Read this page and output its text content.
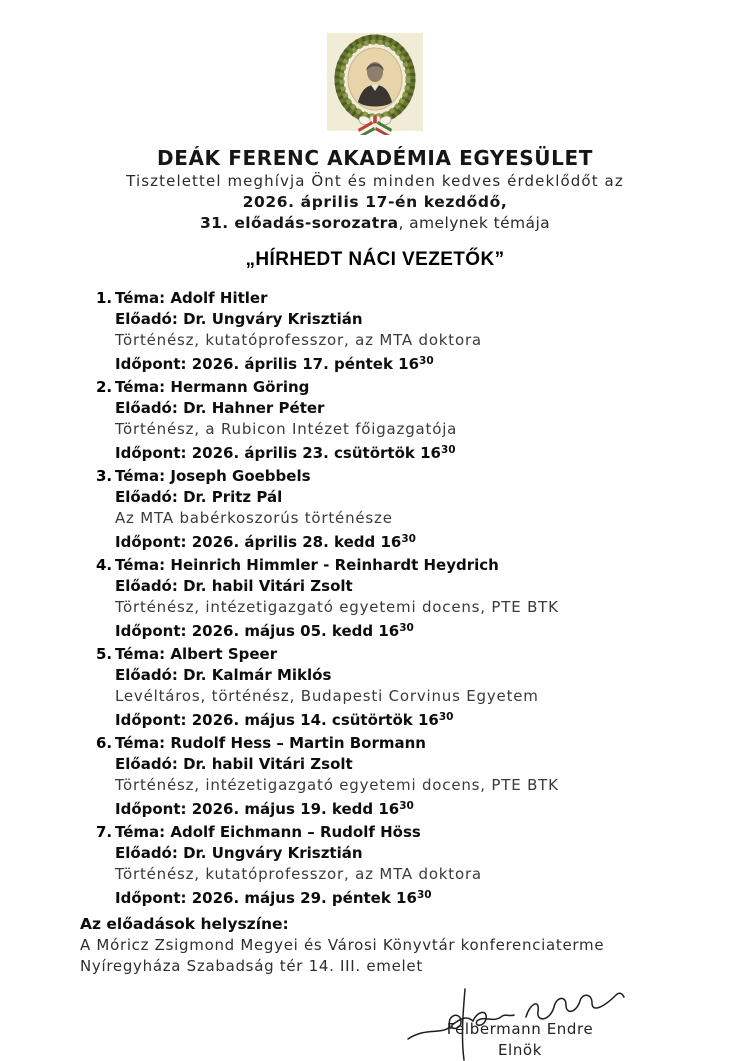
DEÁK FERENC AKADÉMIA EGYESÜLET
Tisztelettel meghívja Önt és minden kedves érdeklődőt az
2026. április 17-én kezdődő,
31. előadás-sorozatra, amelynek témája
„HÍRHEDT NÁCI VEZETŐK”
1. Téma: Adolf Hitler
Előadó: Dr. Ungváry Krisztián
Történész, kutatóprofesszor, az MTA doktora
Időpont: 2026. április 17. péntek $16^{30}$
2. Téma: Hermann Göring
Előadó: Dr. Hahner Péter
Történész, a Rubicon Intézet főigazgatója
Időpont: 2026. április 23. csütörtök $16^{30}$
3. Téma: Joseph Goebbels
Előadó: Dr. Pritz Pál
Az MTA babérkoszorús történésze
Időpont: 2026. április 28. kedd $16^{30}$
4. Téma: Heinrich Himmler - Reinhardt Heydrich
Előadó: Dr. habil Vitári Zsolt
Történész, intézetigazgató egyetemi docens, PTE BTK
Időpont: 2026. május 05. kedd $16^{30}$
5. Téma: Albert Speer
Előadó: Dr. Kalmár Miklós
Levéltáros, történész, Budapesti Corvinus Egyetem
Időpont: 2026. május 14. csütörtök $16^{30}$
6. Téma: Rudolf Hess – Martin Bormann
Előadó: Dr. habil Vitári Zsolt
Történész, intézetigazgató egyetemi docens, PTE BTK
Időpont: 2026. május 19. kedd $16^{30}$
7. Téma: Adolf Eichmann – Rudolf Höss
Előadó: Dr. Ungváry Krisztián
Történész, kutatóprofesszor, az MTA doktora
Időpont: 2026. május 29. péntek $16^{30}$
Az előadások helyszíne:
A Móricz Zsigmond Megyei és Városi Könyvtár konferenciaterme
Nyíregyháza Szabadság tér 14. III. emelet
Felbermann Endre
Elnök
